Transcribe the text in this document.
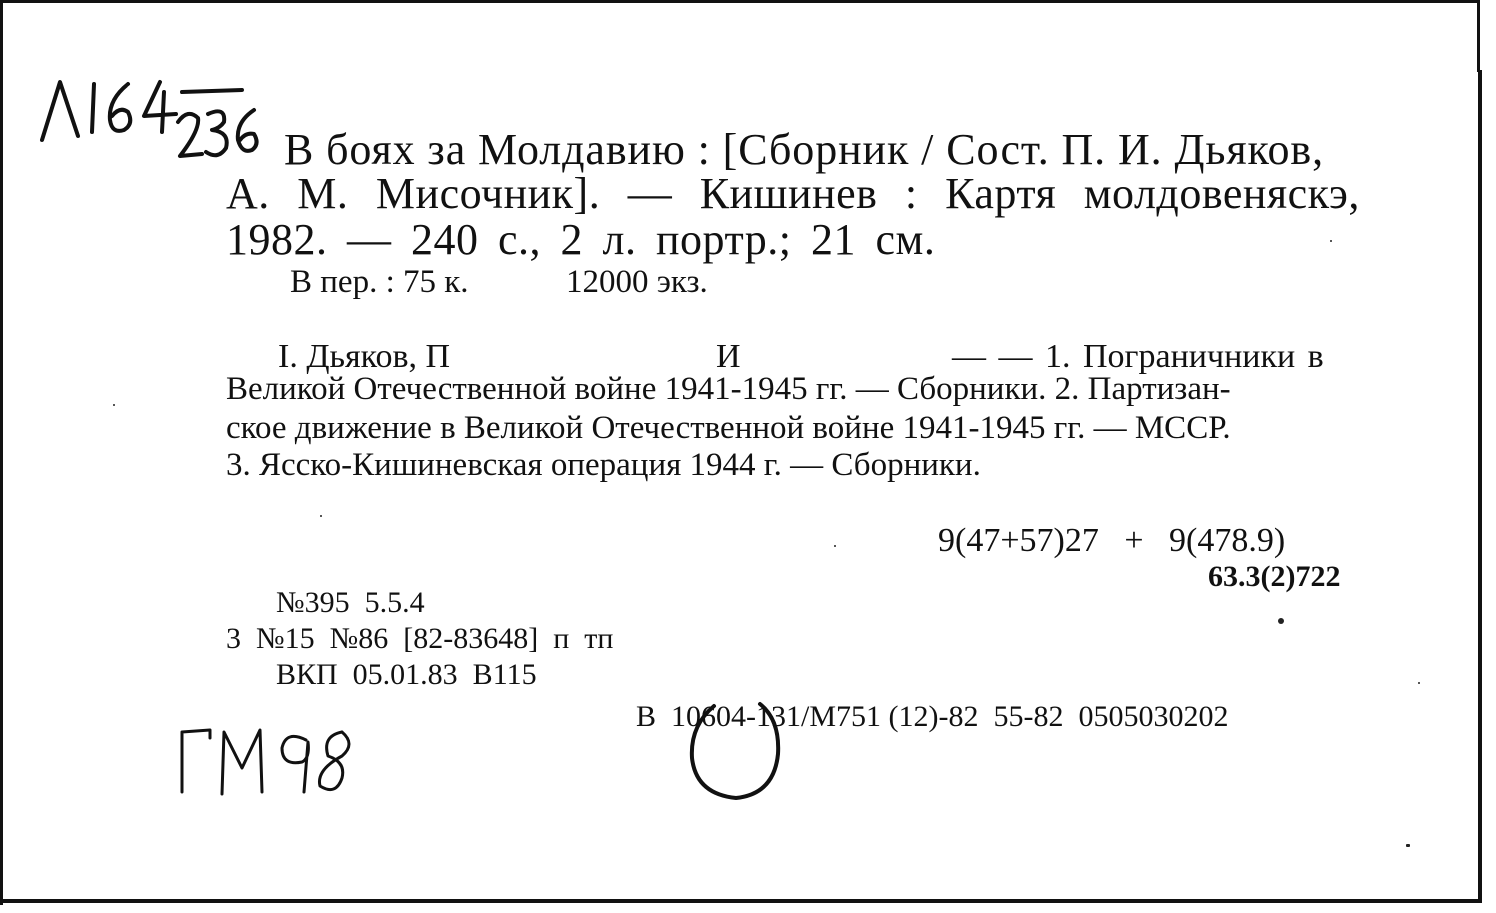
В боях за Молдавию : [Сборник / Сост. П. И. Дьяков,
А. М. Мисочник]. — Кишинев : Картя молдовеняскэ,
1982. — 240 с., 2 л. портр.; 21 см.
В пер. : 75 к.	12000 экз.
I. Дьяков, П	И	— — 1. Пограничники в
Великой Отечественной войне 1941-1945 гг. — Сборники. 2. Партизан-
ское движение в Великой Отечественной войне 1941-1945 гг. — МССР.
3. Ясско-Кишиневская операция 1944 г. — Сборники.
9(47+57)27   +   9(478.9)
63.3(2)722
№395  5.5.4
3  №15  №86  [82-83648]  п  тп
ВКП  05.01.83  В115
В  10604-131/М751 (12)-82  55-82  0505030202
